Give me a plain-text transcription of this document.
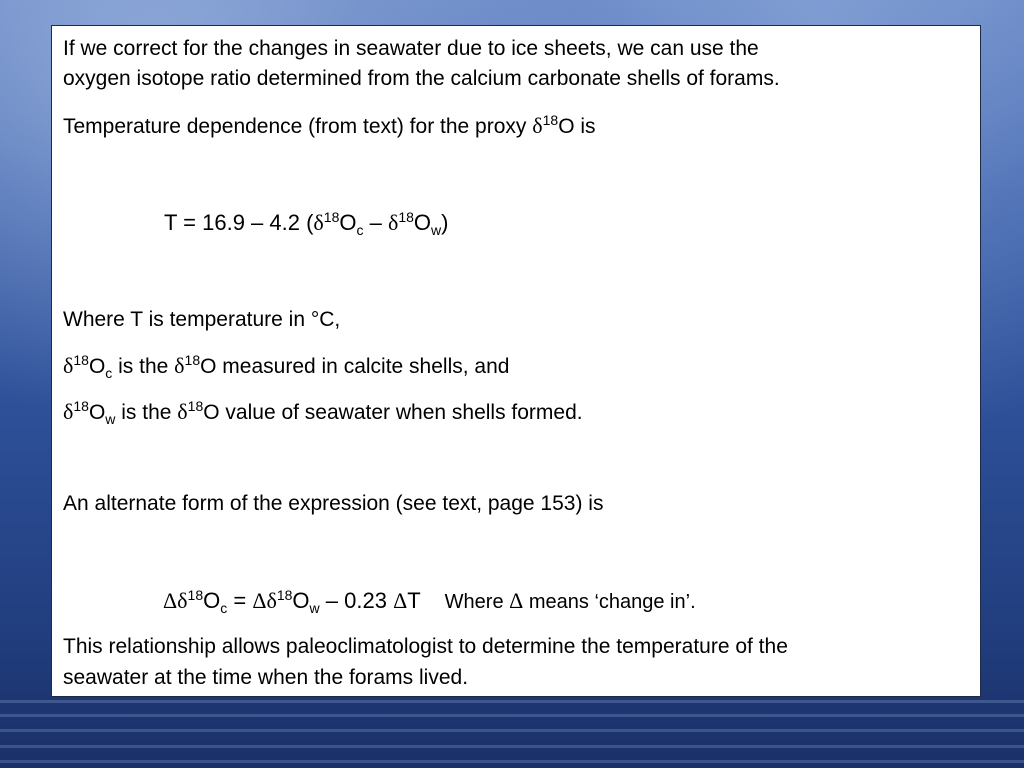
If we correct for the changes in seawater due to ice sheets, we can use the
oxygen isotope ratio determined from the calcium carbonate shells of forams.
Temperature dependence (from text) for the proxy $\delta^{18}O$ is
T = 16.9 – 4.2 $(\delta^{18}O_c - \delta^{18}O_w)$
Where T is temperature in °C,
$\delta^{18}O_c$ is the $\delta^{18}O$ measured in calcite shells, and
$\delta^{18}O_w$ is the $\delta^{18}O$ value of seawater when shells formed.
An alternate form of the expression (see text, page 153) is
$\Delta\delta^{18}O_c = \Delta\delta^{18}O_w - 0.23$ ΔT Where Δ means ‘change in’.
This relationship allows paleoclimatologist to determine the temperature of the
seawater at the time when the forams lived.
